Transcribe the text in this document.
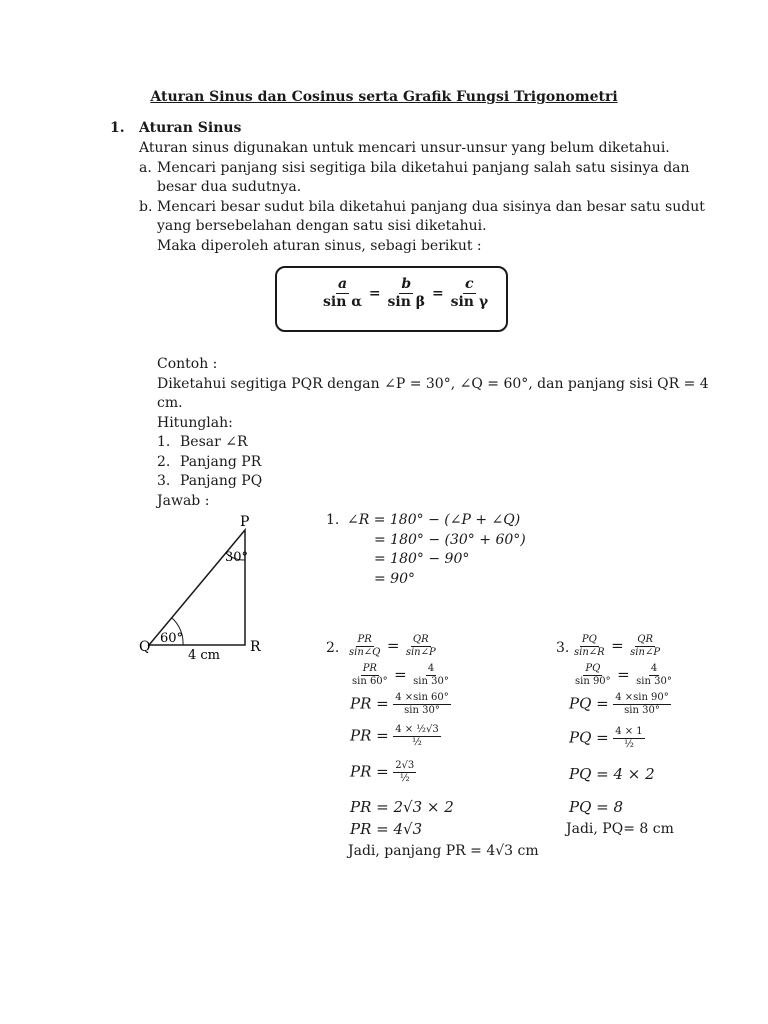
Aturan Sinus dan Cosinus serta Grafik Fungsi Trigonometri
1. Aturan Sinus
Aturan sinus digunakan untuk mencari unsur-unsur yang belum diketahui.
a. Mencari panjang sisi segitiga bila diketahui panjang salah satu sisinya dan
besar dua sudutnya.
b. Mencari besar sudut bila diketahui panjang dua sisinya dan besar satu sudut
yang bersebelahan dengan satu sisi diketahui.
Maka diperoleh aturan sinus, sebagi berikut :
$\frac{a}{\text{sin α}} = \frac{b}{\text{sin β}} = \frac{c}{\text{sin γ}}$
Contoh :
Diketahui segitiga PQR dengan ∠P = 30°, ∠Q = 60°, dan panjang sisi QR = 4
cm.
Hitunglah:
1. Besar ∠R
2. Panjang PR
3. Panjang PQ
Jawab :
P
Q	R
30°
60°
4 cm
1. ∠R = 180° − (∠P + ∠Q)
= 180° − (30° + 60°)
= 180° − 90°
= 90°
2. $\frac{PR}{\sin\angle Q} = \frac{QR}{\sin\angle P}$
$\frac{PR}{\sin 60^\circ} = \frac{4}{\sin 30^\circ}$
PR = $\frac{4 \times\sin 60^\circ}{\sin 30^\circ}$
PR = $\frac{\text{4 × ½√3}}{\text{½}}$
PR = $\frac{2√3}{\text{½}}$
PR = 2√3 × 2
PR = 4√3
Jadi, panjang PR = 4√3 cm
3. $\frac{PQ}{\sin\angle R} = \frac{QR}{\sin\angle P}$
$\frac{PQ}{\sin 90^\circ} = \frac{4}{\sin 30^\circ}$
PQ = $\frac{4 \times\sin 90^\circ}{\sin 30^\circ}$
PQ = $\frac{4 \times 1}{\text{½}}$
PQ = 4 × 2
PQ = 8
Jadi, PQ= 8 cm
